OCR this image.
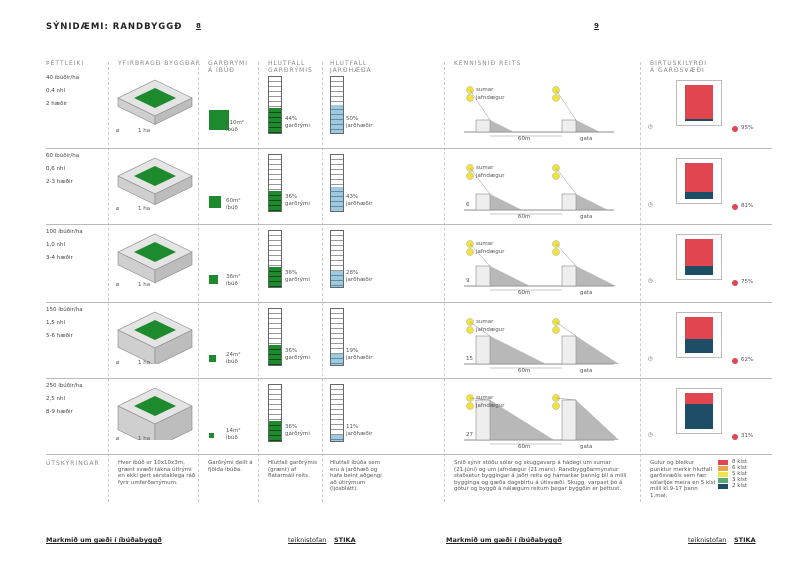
SÝNIDÆMI: RANDBYGGÐ 8	9
ÞÉTTLEIKI	YFIRBRAGÐ BYGGÐAR GARÐRÝMI
Á ÍBÚÐ
HLUTFALL
GARÐRÝMIS
HLUTFALL
JARÐHÆÐA
KENNISNIÐ REITS	BIRTUSKILYRÐI
Á GARÐSVÆÐI
40 íbúðir/ha
0,4 nhl
2 hæðir
⌀	1 ha
110m²
íbúð
44%
garðrými
50%
jarðhæðir
sumar
jafndægur
60m	gata
◷	95%
60 íbúðir/ha
0,6 nhl
2-3 hæðir
⌀	1 ha
60m²
íbúð
36%
garðrými
43%
jarðhæðir
sumar
jafndægur
60m	gata
6	◷	81%
100 íbúðir/ha
1,0 nhl
3-4 hæðir
⌀	1 ha
36m²
íbúð
36%
garðrými
28%
jarðhæðir
sumar
jafndægur
60m	gata
9	◷	75%
150 íbúðir/ha
1,5 nhl
5-6 hæðir
⌀	1 ha
24m²
íbúð
36%
garðrými
19%
jarðhæðir
sumar
jafndægur
60m	gata
15	◷	62%
250 íbúðir/ha
2,5 nhl
8-9 hæðir
⌀	1 ha
14m²
íbúð
36%
garðrými
11%
jarðhæðir
sumar
jafndægur
60m	gata
27	◷	31%
ÚTSKÝRINGAR	Hver íbúð er 10x10x3m, grænt svæði tákna útirými en ekki gert sérstaklega ráð fyrir umferðarrýmum.
Garðrými deilt á fjölda íbúða.
Hlutfall garðrýmis (grænt) af flatarmáli reits.
Hlutfall íbúða sem eru á jarðhæð og hafa beint aðgengi að útirýmum (ljósblátt).
Snið sýnir stöðu sólar og skuggavarp á hádegi um sumar (21.júní) og um jafndægur (21.mars). Randbyggðarmynstur staðsetur byggingar á jaðri reits og hámarkar þannig bil á milli bygginga og gæða dagsbirtu á útisvæði. Skugg. varpast þó á götur og byggð á nálægum reitum þegar byggðin er þéttust.
Gulur og bleikur punktur merkir hlutfall garðsvæðis sem fær sólarljós meira en 5 klst milli kl.9-17 þann 1.mai.
8 klst
6 klst
5 klst
3 klst
2 klst
Markmið um gæði í íbúðabyggð	teiknistofan STIKA	Markmið um gæði í íbúðabyggð	teiknistofan STIKA
